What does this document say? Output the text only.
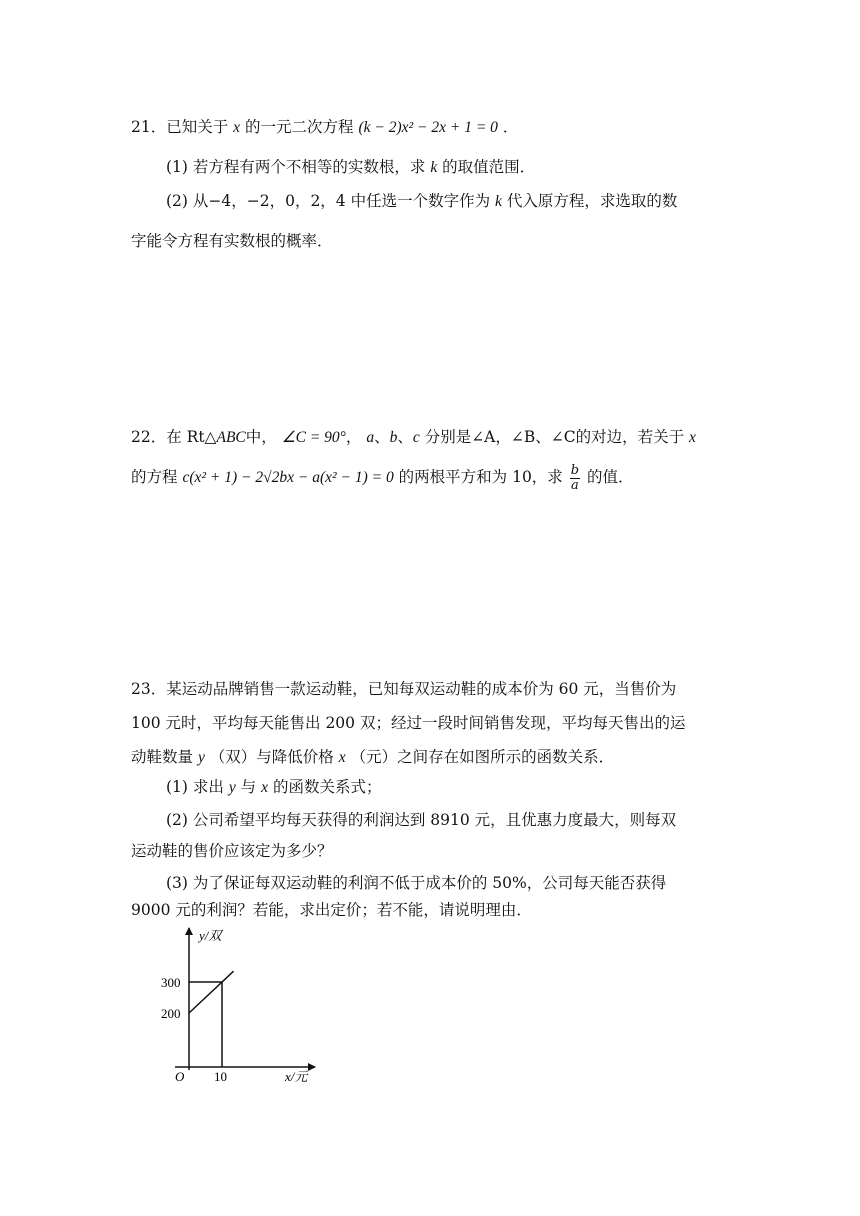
21．已知关于 x 的一元二次方程 (k − 2)x² − 2x + 1 = 0 ．
(1) 若方程有两个不相等的实数根，求 k 的取值范围．
(2) 从−4，−2，0，2，4 中任选一个数字作为 k 代入原方程，求选取的数
字能令方程有实数根的概率．
22．在 Rt△ABC中， ∠C = 90°， a、b、c 分别是∠A，∠B、∠C的对边，若关于 x
的方程 c(x² + 1) − 2√2bx − a(x² − 1) = 0 的两根平方和为 10，求 $\frac{b}{a}$ 的值．
23．某运动品牌销售一款运动鞋，已知每双运动鞋的成本价为 60 元，当售价为
100 元时，平均每天能售出 200 双；经过一段时间销售发现，平均每天售出的运
动鞋数量 y （双）与降低价格 x （元）之间存在如图所示的函数关系．
(1) 求出 y 与 x 的函数关系式；
(2) 公司希望平均每天获得的利润达到 8910 元，且优惠力度最大，则每双
运动鞋的售价应该定为多少？
(3) 为了保证每双运动鞋的利润不低于成本价的 50%，公司每天能否获得
9000 元的利润？若能，求出定价；若不能，请说明理由．
200
300
10
y/双
x/元
O
